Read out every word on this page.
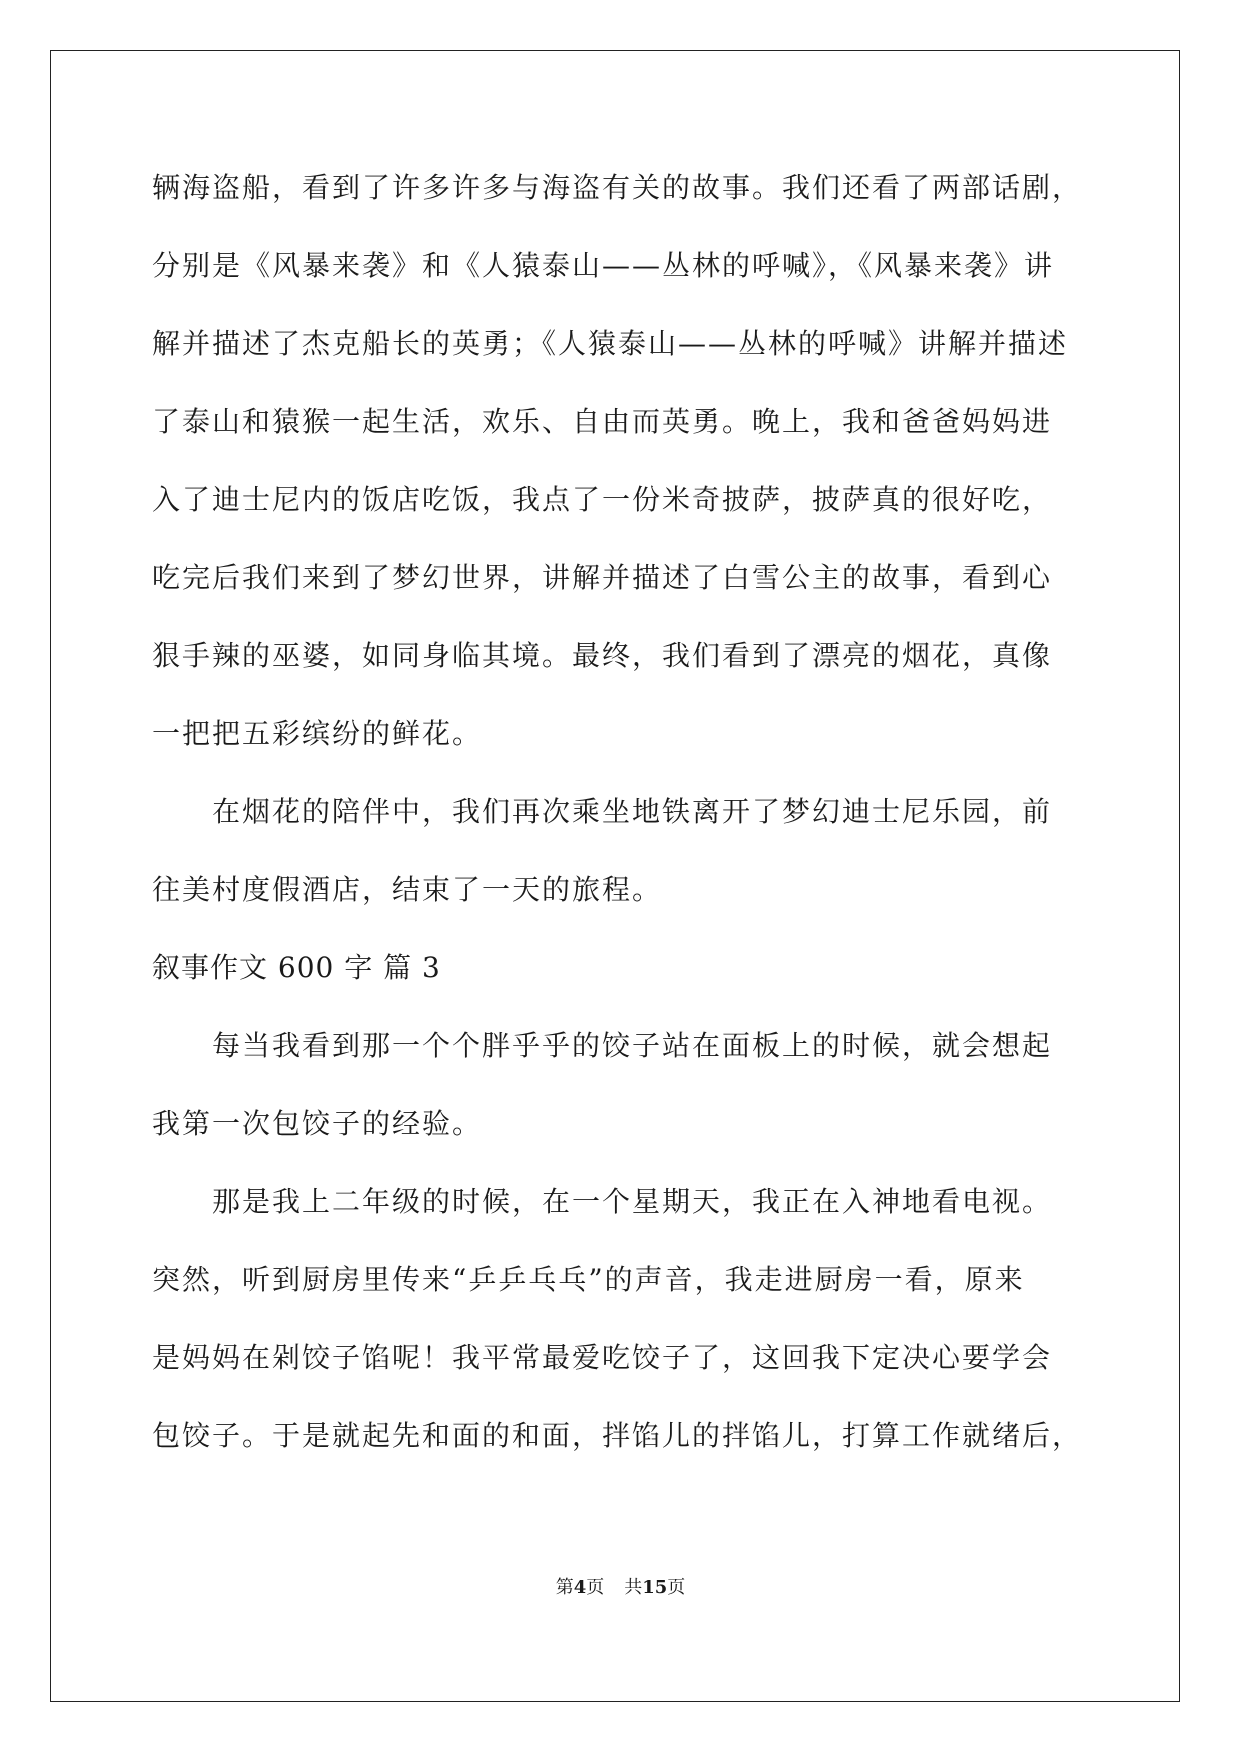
辆海盗船，看到了许多许多与海盗有关的故事。我们还看了两部话剧，
分别是《风暴来袭》和《人猿泰山——丛林的呼喊》，《风暴来袭》讲
解并描述了杰克船长的英勇；《人猿泰山——丛林的呼喊》讲解并描述
了泰山和猿猴一起生活，欢乐、自由而英勇。晚上，我和爸爸妈妈进
入了迪士尼内的饭店吃饭，我点了一份米奇披萨，披萨真的很好吃，
吃完后我们来到了梦幻世界，讲解并描述了白雪公主的故事，看到心
狠手辣的巫婆，如同身临其境。最终，我们看到了漂亮的烟花，真像
一把把五彩缤纷的鲜花。
在烟花的陪伴中，我们再次乘坐地铁离开了梦幻迪士尼乐园，前
往美村度假酒店，结束了一天的旅程。
叙事作文 600 字 篇 3
每当我看到那一个个胖乎乎的饺子站在面板上的时候，就会想起
我第一次包饺子的经验。
那是我上二年级的时候，在一个星期天，我正在入神地看电视。
突然，听到厨房里传来“乒乒乓乓”的声音，我走进厨房一看，原来
是妈妈在剁饺子馅呢！我平常最爱吃饺子了，这回我下定决心要学会
包饺子。于是就起先和面的和面，拌馅儿的拌馅儿，打算工作就绪后，
第4页 共15页
